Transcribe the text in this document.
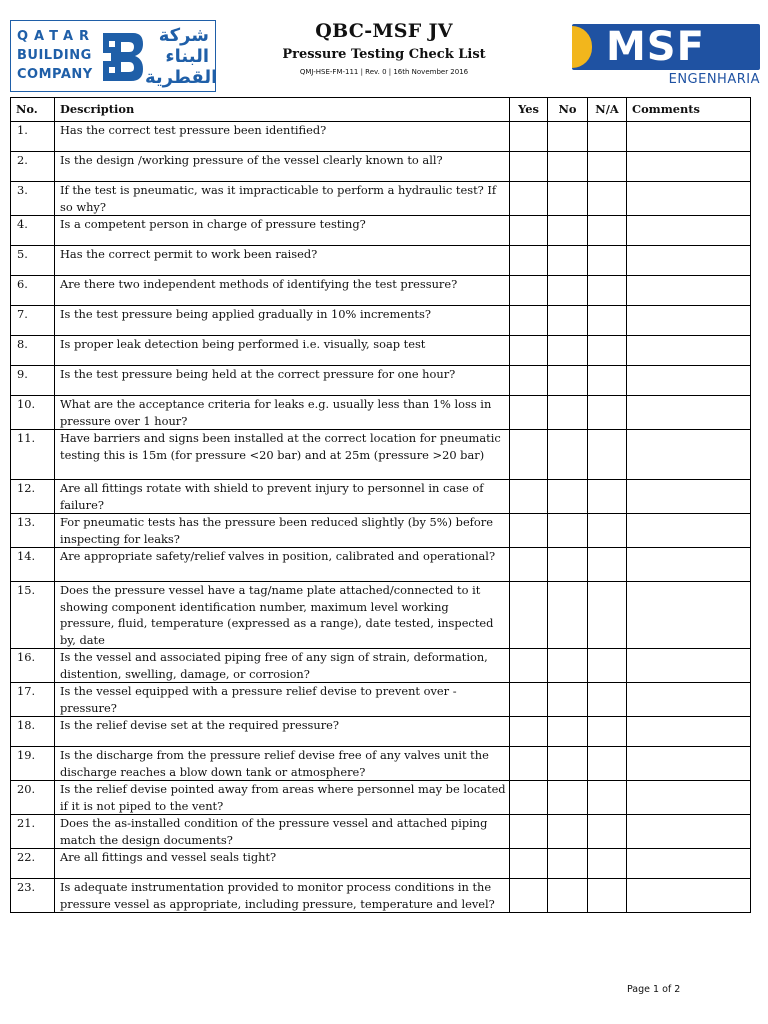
QATAR
BUILDING
COMPANY
شركة
البناء
القطرية
QBC-MSF JV
Pressure Testing Check List
QMJ-HSE-FM-111 | Rev. 0 | 16th November 2016
MSF
ENGENHARIA
No.	Description	Yes	No	N/A	Comments
1.	Has the correct test pressure been identified?				
2.	Is the design /working pressure of the vessel clearly known to all?				
3.	If the test is pneumatic, was it impracticable to perform a hydraulic test? If so why?				
4.	Is a competent person in charge of pressure testing?				
5.	Has the correct permit to work been raised?				
6.	Are there two independent methods of identifying the test pressure?				
7.	Is the test pressure being applied gradually in 10% increments?				
8.	Is proper leak detection being performed i.e. visually, soap test				
9.	Is the test pressure being held at the correct pressure for one hour?				
10.	What are the acceptance criteria for leaks e.g. usually less than 1% loss in pressure over 1 hour?				
11.	Have barriers and signs been installed at the correct location for pneumatic testing this is 15m (for pressure <20 bar) and at 25m (pressure >20 bar)				
12.	Are all fittings rotate with shield to prevent injury to personnel in case of failure?				
13.	For pneumatic tests has the pressure been reduced slightly (by 5%) before inspecting for leaks?				
14.	Are appropriate safety/relief valves in position, calibrated and operational?				
15.	Does the pressure vessel have a tag/name plate attached/connected to it showing component identification number, maximum level working pressure, fluid, temperature (expressed as a range), date tested, inspected by, date				
16.	Is the vessel and associated piping free of any sign of strain, deformation, distention, swelling, damage, or corrosion?				
17.	Is the vessel equipped with a pressure relief devise to prevent over - pressure?				
18.	Is the relief devise set at the required pressure?				
19.	Is the discharge from the pressure relief devise free of any valves unit the discharge reaches a blow down tank or atmosphere?				
20.	Is the relief devise pointed away from areas where personnel may be located if it is not piped to the vent?				
21.	Does the as-installed condition of the pressure vessel and attached piping match the design documents?				
22.	Are all fittings and vessel seals tight?				
23.	Is adequate instrumentation provided to monitor process conditions in the pressure vessel as appropriate, including pressure, temperature and level?				
Page 1 of 2
